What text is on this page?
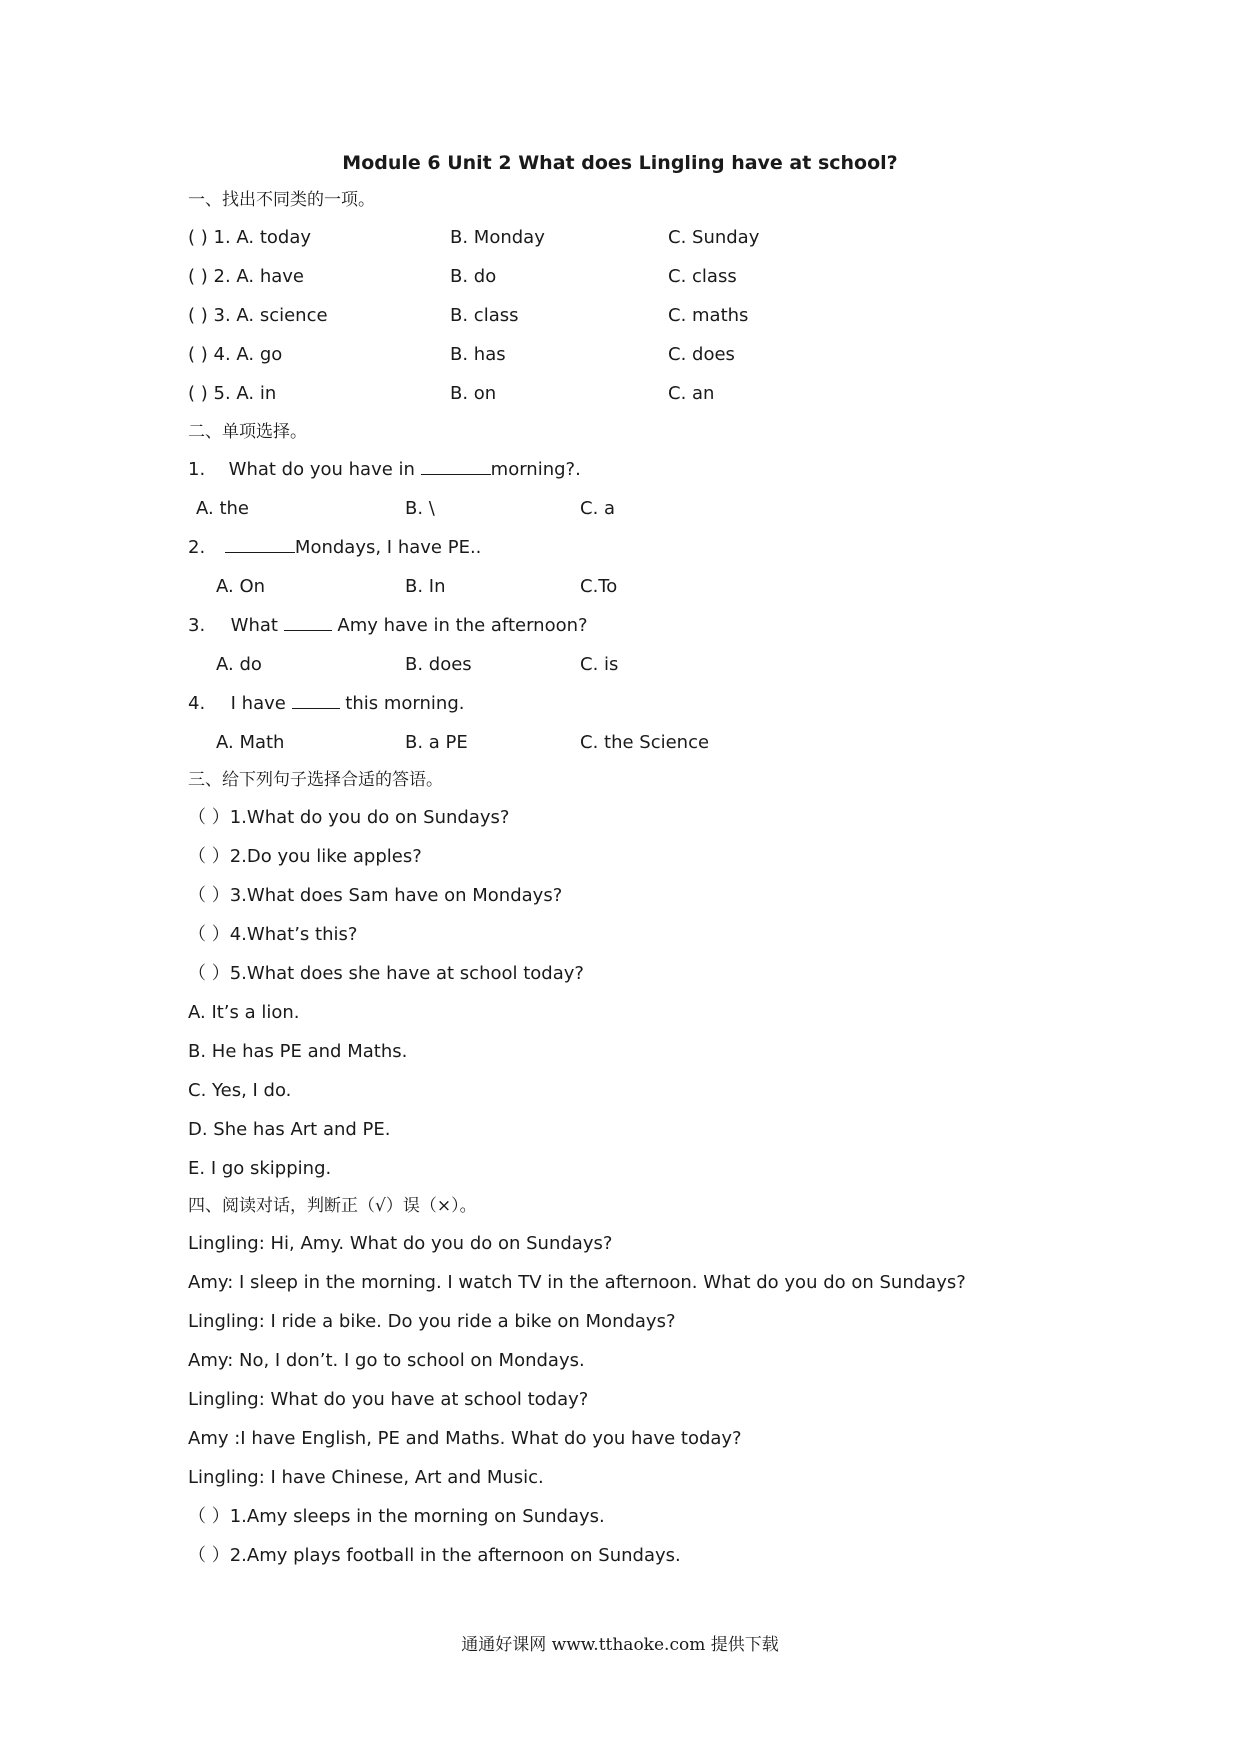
Module 6 Unit 2 What does Lingling have at school?
一、找出不同类的一项。
( ) 1. A. today	B. Monday	C. Sunday
( ) 2. A. have	B. do	C. class
( ) 3. A. science	B. class	C. maths
( ) 4. A. go	B. has	C. does
( ) 5. A. in	B. on	C. an
二、单项选择。
1. What do you have in	morning?.
A. the	B. \	C. a
2.	Mondays, I have PE..
A. On	B. In	C.To
3. What	Amy have in the afternoon?
A. do	B. does	C. is
4. I have	this morning.
A. Math	B. a PE	C. the Science
三、给下列句子选择合适的答语。
（ ）1.What do you do on Sundays?
（ ）2.Do you like apples?
（ ）3.What does Sam have on Mondays?
（ ）4.What’s this?
（ ）5.What does she have at school today?
A. It’s a lion.
B. He has PE and Maths.
C. Yes, I do.
D. She has Art and PE.
E. I go skipping.
四、阅读对话，判断正（√）误（×）。
Lingling: Hi, Amy. What do you do on Sundays?
Amy: I sleep in the morning. I watch TV in the afternoon. What do you do on Sundays?
Lingling: I ride a bike. Do you ride a bike on Mondays?
Amy: No, I don’t. I go to school on Mondays.
Lingling: What do you have at school today?
Amy :I have English, PE and Maths. What do you have today?
Lingling: I have Chinese, Art and Music.
（ ）1.Amy sleeps in the morning on Sundays.
（ ）2.Amy plays football in the afternoon on Sundays.
通通好课网 www.tthaoke.com 提供下载
